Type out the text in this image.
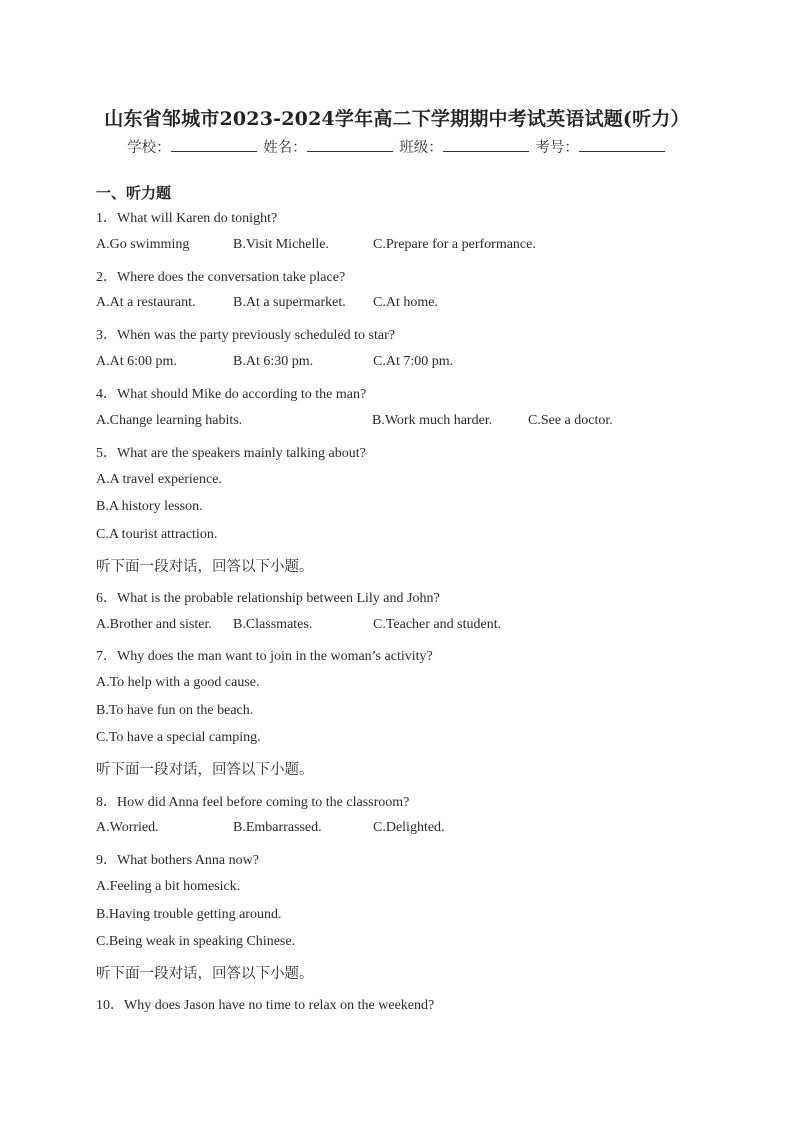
山东省邹城市2023-2024学年高二下学期期中考试英语试题(听力）
学校：	姓名：	班级：	考号：
一、听力题
1．What will Karen do tonight?
A.Go swimming	B.Visit Michelle.	C.Prepare for a performance.
2．Where does the conversation take place?
A.At a restaurant.	B.At a supermarket. C.At home.
3．When was the party previously scheduled to star?
A.At 6:00 pm.	B.At 6:30 pm.	C.At 7:00 pm.
4．What should Mike do according to the man?
A.Change learning habits.	B.Work much harder.	C.See a doctor.
5．What are the speakers mainly talking about?
A.A travel experience.
B.A history lesson.
C.A tourist attraction.
听下面一段对话，回答以下小题。
6．What is the probable relationship between Lily and John?
A.Brother and sister. B.Classmates.	C.Teacher and student.
7．Why does the man want to join in the woman’s activity?
A.To help with a good cause.
B.To have fun on the beach.
C.To have a special camping.
听下面一段对话，回答以下小题。
8．How did Anna feel before coming to the classroom?
A.Worried.	B.Embarrassed.	C.Delighted.
9．What bothers Anna now?
A.Feeling a bit homesick.
B.Having trouble getting around.
C.Being weak in speaking Chinese.
听下面一段对话，回答以下小题。
10．Why does Jason have no time to relax on the weekend?
